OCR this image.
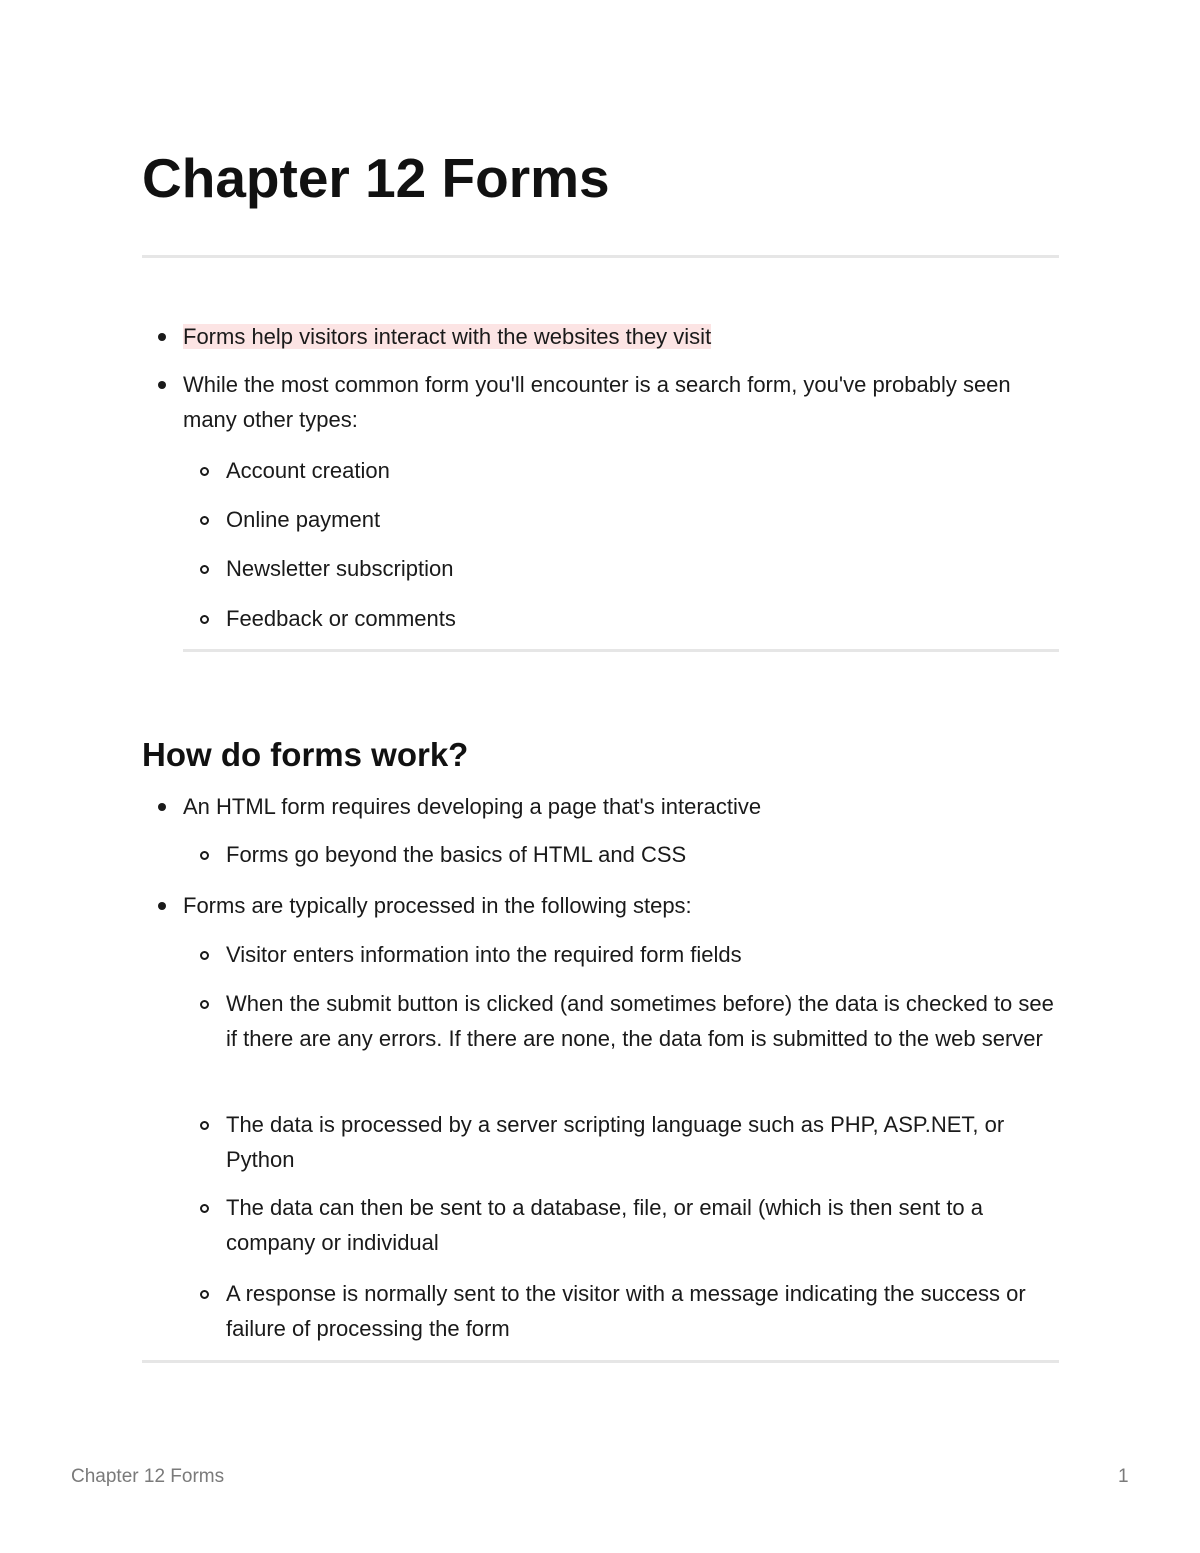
Chapter 12 Forms
Forms help visitors interact with the websites they visit
While the most common form you'll encounter is a search form, you've probably seen many other types:
Account creation
Online payment
Newsletter subscription
Feedback or comments
How do forms work?
An HTML form requires developing a page that's interactive
Forms go beyond the basics of HTML and CSS
Forms are typically processed in the following steps:
Visitor enters information into the required form fields
When the submit button is clicked (and sometimes before) the data is checked to see if there are any errors. If there are none, the data fom is submitted to the web server
The data is processed by a server scripting language such as PHP, ASP.NET, or Python
The data can then be sent to a database, file, or email (which is then sent to a company or individual
A response is normally sent to the visitor with a message indicating the success or failure of processing the form
Chapter 12 Forms	1
